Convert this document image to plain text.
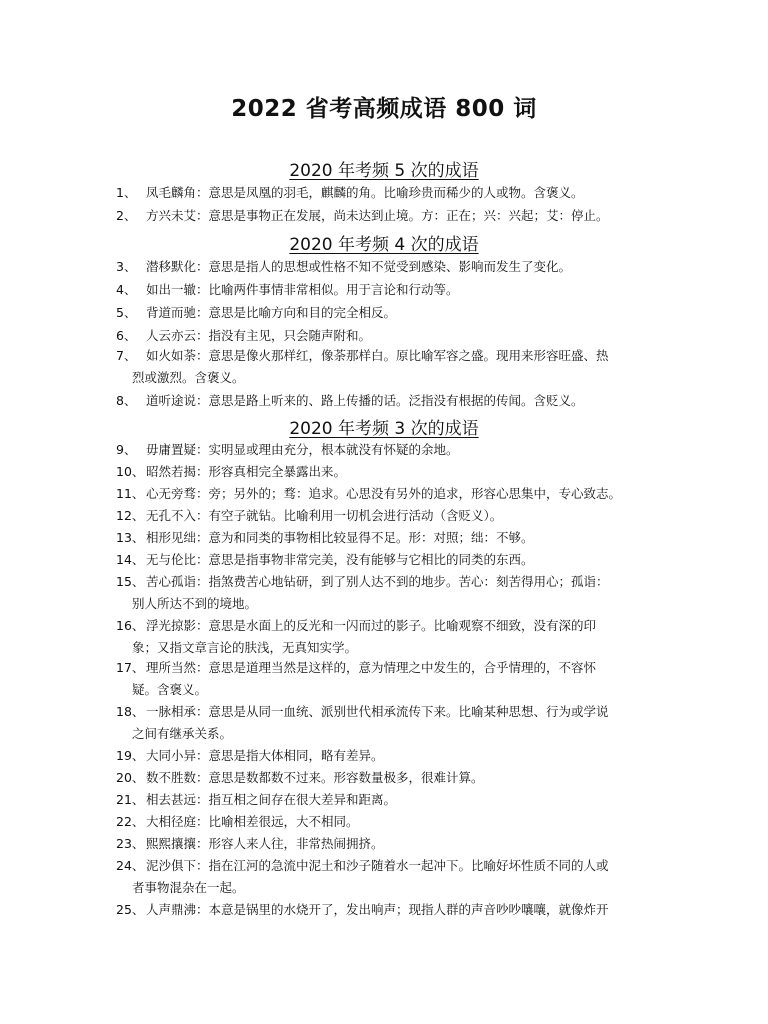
2022 省考高频成语 800 词
2020 年考频 5 次的成语
1、 凤毛麟角：意思是凤凰的羽毛，麒麟的角。比喻珍贵而稀少的人或物。含褒义。
2、 方兴未艾：意思是事物正在发展，尚未达到止境。方：正在；兴：兴起；艾：停止。
2020 年考频 4 次的成语
3、 潜移默化：意思是指人的思想或性格不知不觉受到感染、影响而发生了变化。
4、 如出一辙：比喻两件事情非常相似。用于言论和行动等。
5、 背道而驰：意思是比喻方向和目的完全相反。
6、 人云亦云：指没有主见，只会随声附和。
7、 如火如荼：意思是像火那样红，像荼那样白。原比喻军容之盛。现用来形容旺盛、热
烈或激烈。含褒义。
8、 道听途说：意思是路上听来的、路上传播的话。泛指没有根据的传闻。含贬义。
2020 年考频 3 次的成语
9、 毋庸置疑：实明显或理由充分，根本就没有怀疑的余地。
10、 昭然若揭：形容真相完全暴露出来。
11、 心无旁骛：旁；另外的；骛：追求。心思没有另外的追求，形容心思集中，专心致志。
12、 无孔不入：有空子就钻。比喻利用一切机会进行活动（含贬义）。
13、 相形见绌：意为和同类的事物相比较显得不足。形：对照；绌：不够。
14、 无与伦比：意思是指事物非常完美，没有能够与它相比的同类的东西。
15、 苦心孤诣：指煞费苦心地钻研，到了别人达不到的地步。苦心：刻苦得用心；孤诣：
别人所达不到的境地。
16、 浮光掠影：意思是水面上的反光和一闪而过的影子。比喻观察不细致，没有深的印
象；又指文章言论的肤浅，无真知实学。
17、 理所当然：意思是道理当然是这样的，意为情理之中发生的，合乎情理的，不容怀
疑。含褒义。
18、 一脉相承：意思是从同一血统、派别世代相承流传下来。比喻某种思想、行为或学说
之间有继承关系。
19、 大同小异：意思是指大体相同，略有差异。
20、 数不胜数：意思是数都数不过来。形容数量极多，很难计算。
21、 相去甚远：指互相之间存在很大差异和距离。
22、 大相径庭：比喻相差很远，大不相同。
23、 熙熙攘攘：形容人来人往，非常热闹拥挤。
24、 泥沙俱下：指在江河的急流中泥土和沙子随着水一起冲下。比喻好坏性质不同的人或
者事物混杂在一起。
25、 人声鼎沸：本意是锅里的水烧开了，发出响声；现指人群的声音吵吵嚷嚷，就像炸开
